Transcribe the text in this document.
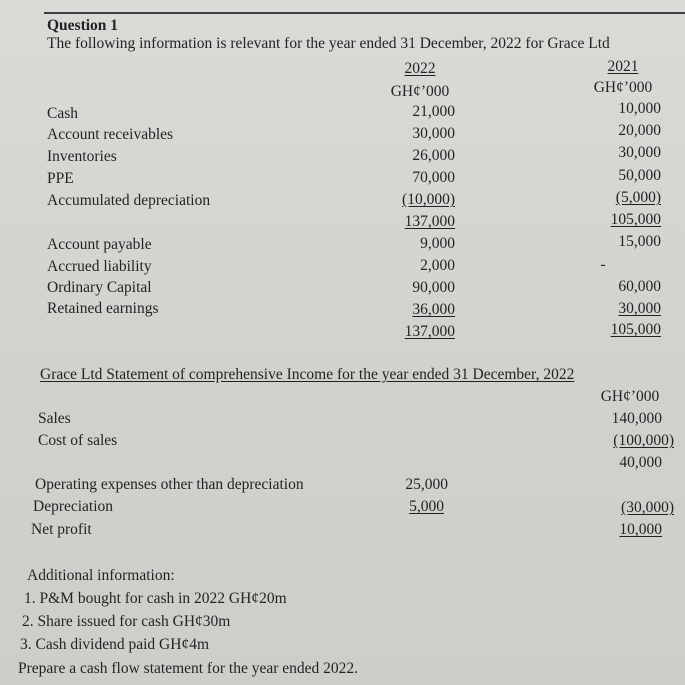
Question 1
The following information is relevant for the year ended 31 December, 2022 for Grace Ltd
2022	2021
GH¢’000	GH¢’000
Cash	21,000	10,000
Account receivables	30,000	20,000
Inventories	26,000	30,000
PPE	70,000	50,000
Accumulated depreciation	(10,000)	(5,000)
137,000	105,000
Account payable	9,000	15,000
Accrued liability	2,000	-
Ordinary Capital	90,000	60,000
Retained earnings	36,000	30,000
137,000	105,000
Grace Ltd Statement of comprehensive Income for the year ended 31 December, 2022
GH¢’000
Sales	140,000
Cost of sales	(100,000)
40,000
Operating expenses other than depreciation	25,000
Depreciation	5,000	(30,000)
Net profit	10,000
Additional information:
1. P&M bought for cash in 2022 GH¢20m
2. Share issued for cash GH¢30m
3. Cash dividend paid GH¢4m
Prepare a cash flow statement for the year ended 2022.
